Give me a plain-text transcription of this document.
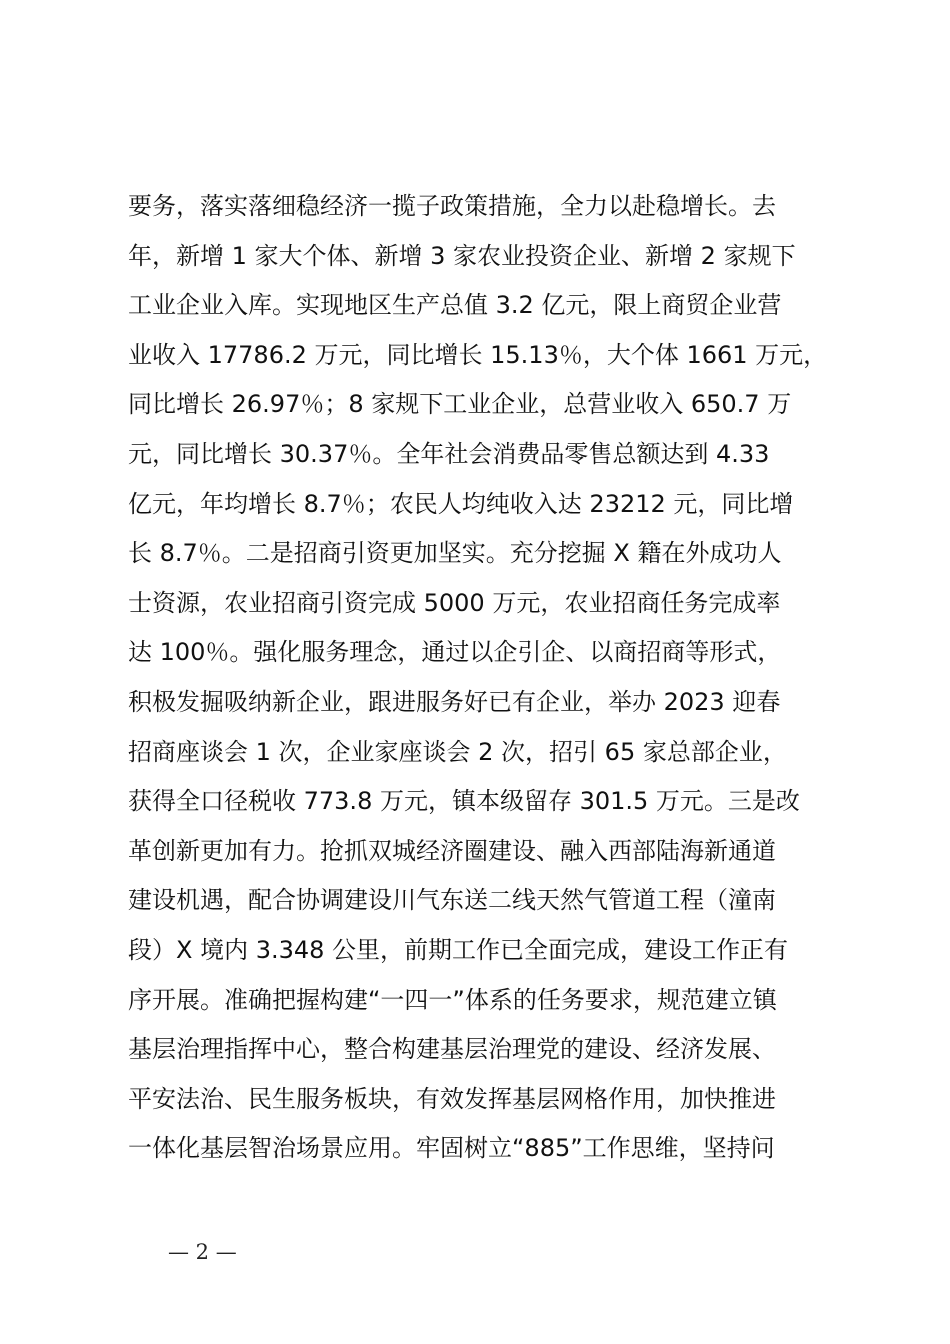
要务，落实落细稳经济一揽子政策措施，全力以赴稳增长。去
年，新增 1 家大个体、新增 3 家农业投资企业、新增 2 家规下
工业企业入库。实现地区生产总值 3.2 亿元，限上商贸企业营
业收入 17786.2 万元，同比增长 15.13％，大个体 1661 万元，
同比增长 26.97％；8 家规下工业企业，总营业收入 650.7 万
元，同比增长 30.37％。全年社会消费品零售总额达到 4.33
亿元，年均增长 8.7％；农民人均纯收入达 23212 元，同比增
长 8.7％。二是招商引资更加坚实。充分挖掘 X 籍在外成功人
士资源，农业招商引资完成 5000 万元，农业招商任务完成率
达 100％。强化服务理念，通过以企引企、以商招商等形式，
积极发掘吸纳新企业，跟进服务好已有企业，举办 2023 迎春
招商座谈会 1 次，企业家座谈会 2 次，招引 65 家总部企业，
获得全口径税收 773.8 万元，镇本级留存 301.5 万元。三是改
革创新更加有力。抢抓双城经济圈建设、融入西部陆海新通道
建设机遇，配合协调建设川气东送二线天然气管道工程（潼南
段）X 境内 3.348 公里，前期工作已全面完成，建设工作正有
序开展。准确把握构建“一四一”体系的任务要求，规范建立镇
基层治理指挥中心，整合构建基层治理党的建设、经济发展、
平安法治、民生服务板块，有效发挥基层网格作用，加快推进
一体化基层智治场景应用。牢固树立“885”工作思维，坚持问
— 2 —
